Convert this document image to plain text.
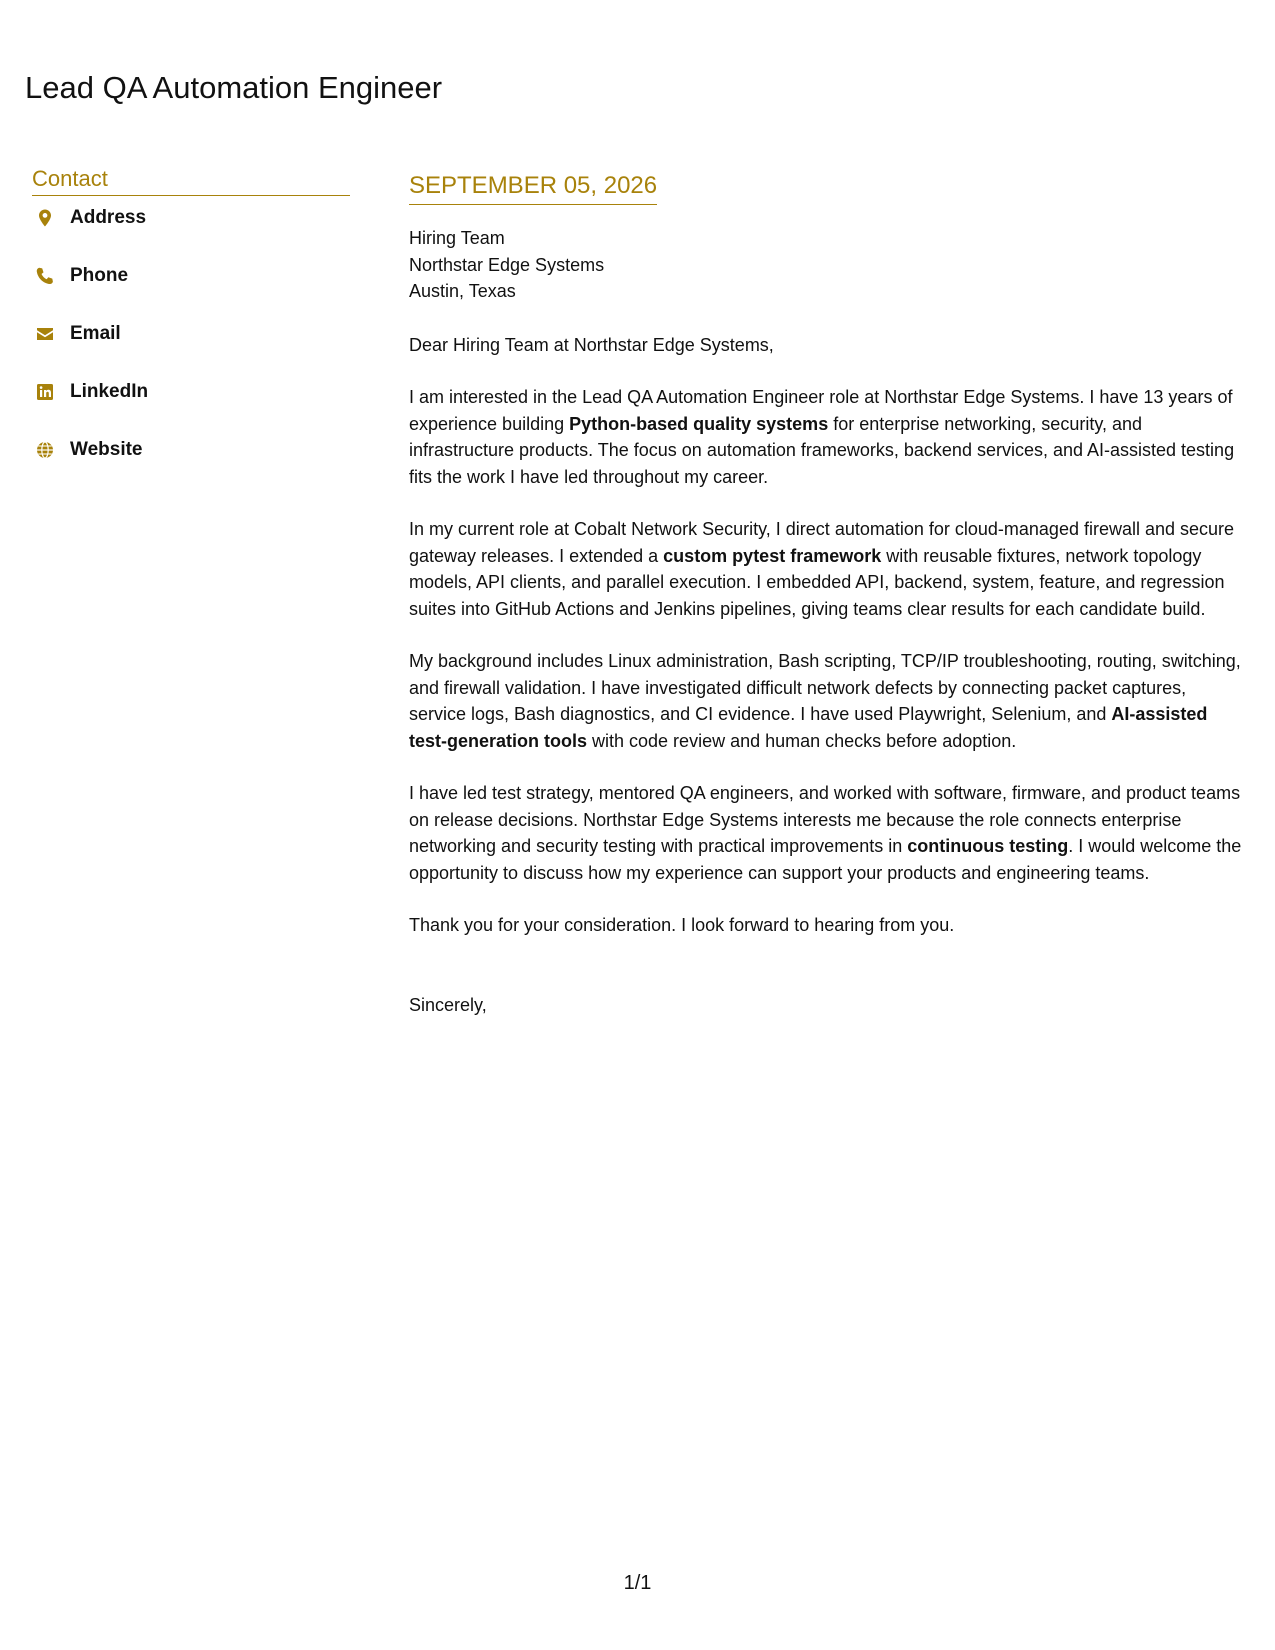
Lead QA Automation Engineer
Contact
Address
Phone
Email
LinkedIn
Website
SEPTEMBER 05, 2026
Hiring Team
Northstar Edge Systems
Austin, Texas
Dear Hiring Team at Northstar Edge Systems,

I am interested in the Lead QA Automation Engineer role at Northstar Edge Systems. I have 13 years of experience building Python-based quality systems for enterprise networking, security, and infrastructure products. The focus on automation frameworks, backend services, and AI-assisted testing fits the work I have led throughout my career.

In my current role at Cobalt Network Security, I direct automation for cloud-managed firewall and secure gateway releases. I extended a custom pytest framework with reusable fixtures, network topology models, API clients, and parallel execution. I embedded API, backend, system, feature, and regression suites into GitHub Actions and Jenkins pipelines, giving teams clear results for each candidate build.

My background includes Linux administration, Bash scripting, TCP/IP troubleshooting, routing, switching, and firewall validation. I have investigated difficult network defects by connecting packet captures, service logs, Bash diagnostics, and CI evidence. I have used Playwright, Selenium, and AI-assisted test-generation tools with code review and human checks before adoption.

I have led test strategy, mentored QA engineers, and worked with software, firmware, and product teams on release decisions. Northstar Edge Systems interests me because the role connects enterprise networking and security testing with practical improvements in continuous testing. I would welcome the opportunity to discuss how my experience can support your products and engineering teams.

Thank you for your consideration. I look forward to hearing from you.

Sincerely,
1/1
